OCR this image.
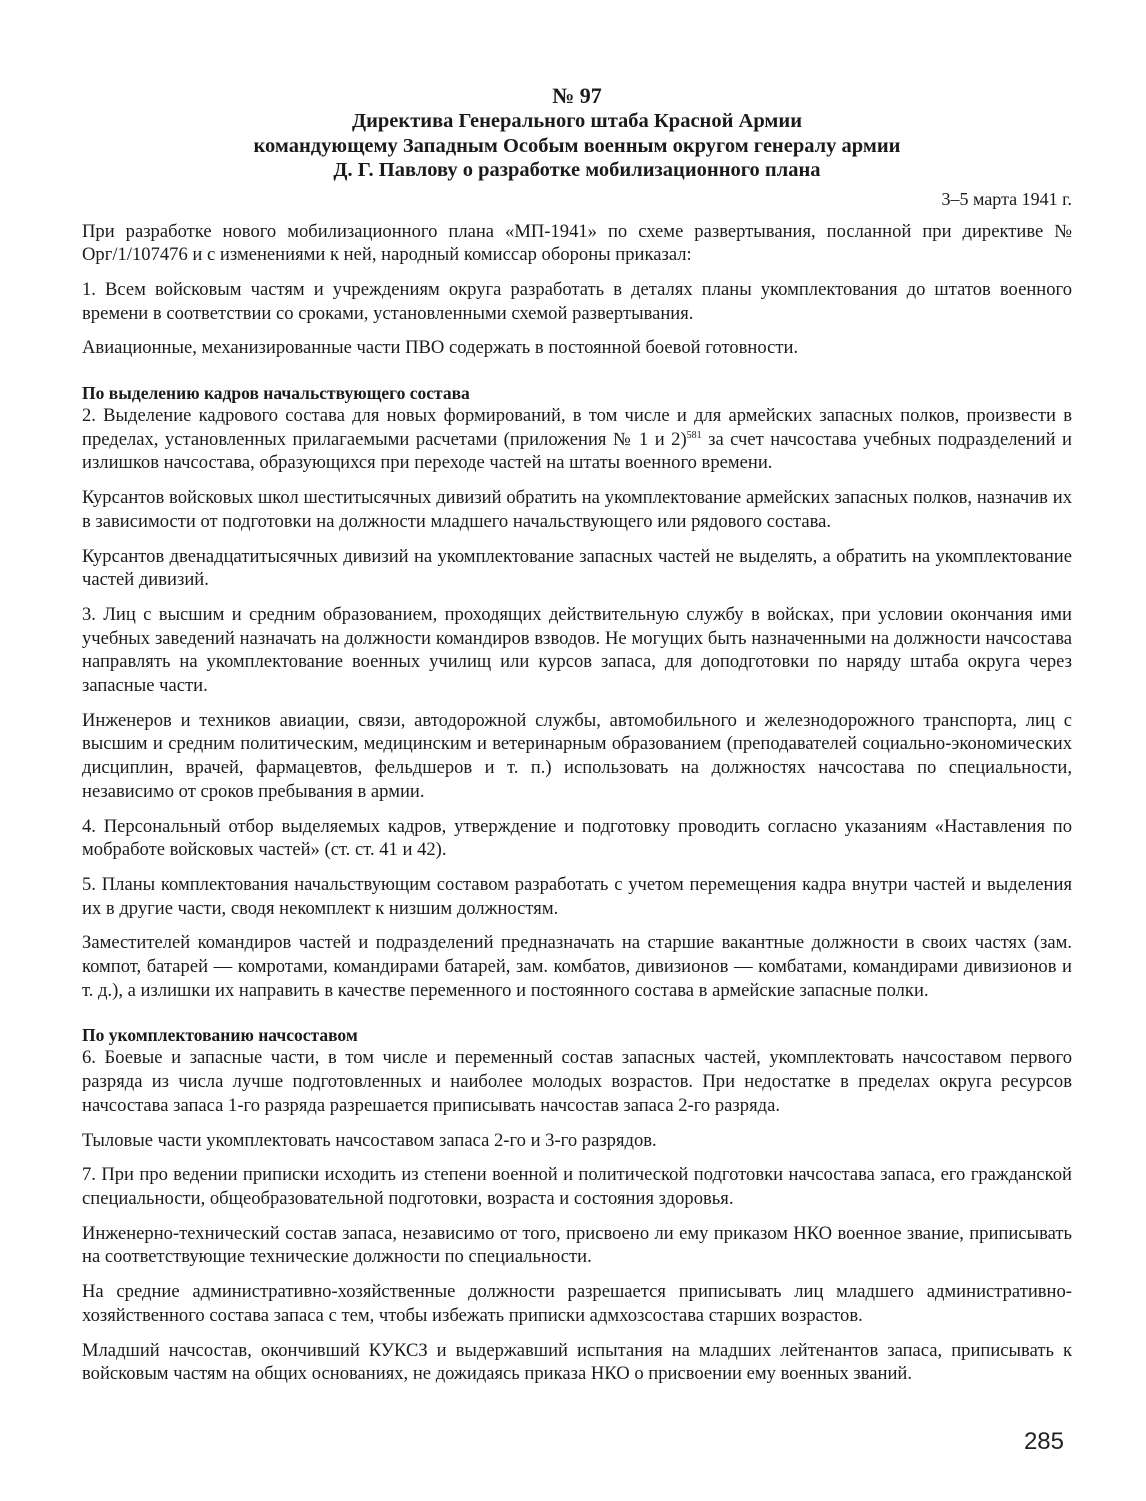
№ 97

Директива Генерального штаба Красной Армии

командующему Западным Особым военным округом генералу армии

Д. Г. Павлову о разработке мобилизационного плана

3–5 марта 1941 г.

При разработке нового мобилизационного плана «МП-1941» по схеме развертывания, посланной при директиве № Орг/1/107476 и с изменениями к ней, народный комиссар обороны приказал:

1. Всем войсковым частям и учреждениям округа разработать в деталях планы укомплектования до штатов военного времени в соответствии со сроками, установленными схемой развертывания.

Авиационные, механизированные части ПВО содержать в постоянной боевой готовности.

По выделению кадров начальствующего состава

2. Выделение кадрового состава для новых формирований, в том числе и для армейских запасных полков, произвести в пределах, установленных прилагаемыми расчетами (приложения № 1 и 2)$^{581}$ за счет начсостава учебных подразделений и излишков начсостава, образующихся при переходе частей на штаты военного времени.

Курсантов войсковых школ шеститысячных дивизий обратить на укомплектование армейских запасных полков, назначив их в зависимости от подготовки на должности младшего начальствующего или рядового состава.

Курсантов двенадцатитысячных дивизий на укомплектование запасных частей не выделять, а обратить на укомплектование частей дивизий.

3. Лиц с высшим и средним образованием, проходящих действительную службу в войсках, при условии окончания ими учебных заведений назначать на должности командиров взводов. Не могущих быть назначенными на должности начсостава направлять на укомплектование военных училищ или курсов запаса, для доподготовки по наряду штаба округа через запасные части.

Инженеров и техников авиации, связи, автодорожной службы, автомобильного и железнодорожного транспорта, лиц с высшим и средним политическим, медицинским и ветеринарным образованием (преподавателей социально-экономических дисциплин, врачей, фармацевтов, фельдшеров и т. п.) использовать на должностях начсостава по специальности, независимо от сроков пребывания в армии.

4. Персональный отбор выделяемых кадров, утверждение и подготовку проводить согласно указаниям «Наставления по мобработе войсковых частей» (ст. ст. 41 и 42).

5. Планы комплектования начальствующим составом разработать с учетом перемещения кадра внутри частей и выделения их в другие части, сводя некомплект к низшим должностям.

Заместителей командиров частей и подразделений предназначать на старшие вакантные должности в своих частях (зам. компот, батарей — комротами, командирами батарей, зам. комбатов, дивизионов — комбатами, командирами дивизионов и т. д.), а излишки их направить в качестве переменного и постоянного состава в армейские запасные полки.

По укомплектованию начсоставом

6. Боевые и запасные части, в том числе и переменный состав запасных частей, укомплектовать начсоставом первого разряда из числа лучше подготовленных и наиболее молодых возрастов. При недостатке в пределах округа ресурсов начсостава запаса 1-го разряда разрешается приписывать начсостав запаса 2-го разряда.

Тыловые части укомплектовать начсоставом запаса 2-го и 3-го разрядов.

7. При про ведении приписки исходить из степени военной и политической подготовки начсостава запаса, его гражданской специальности, общеобразовательной подготовки, возраста и состояния здоровья.

Инженерно-технический состав запаса, независимо от того, присвоено ли ему приказом НКО военное звание, приписывать на соответствующие технические должности по специальности.

На средние административно-хозяйственные должности разрешается приписывать лиц младшего административно-хозяйственного состава запаса с тем, чтобы избежать приписки адмхозсостава старших возрастов.

Младший начсостав, окончивший КУКСЗ и выдержавший испытания на младших лейтенантов запаса, приписывать к войсковым частям на общих основаниях, не дожидаясь приказа НКО о присвоении ему военных званий.

285
